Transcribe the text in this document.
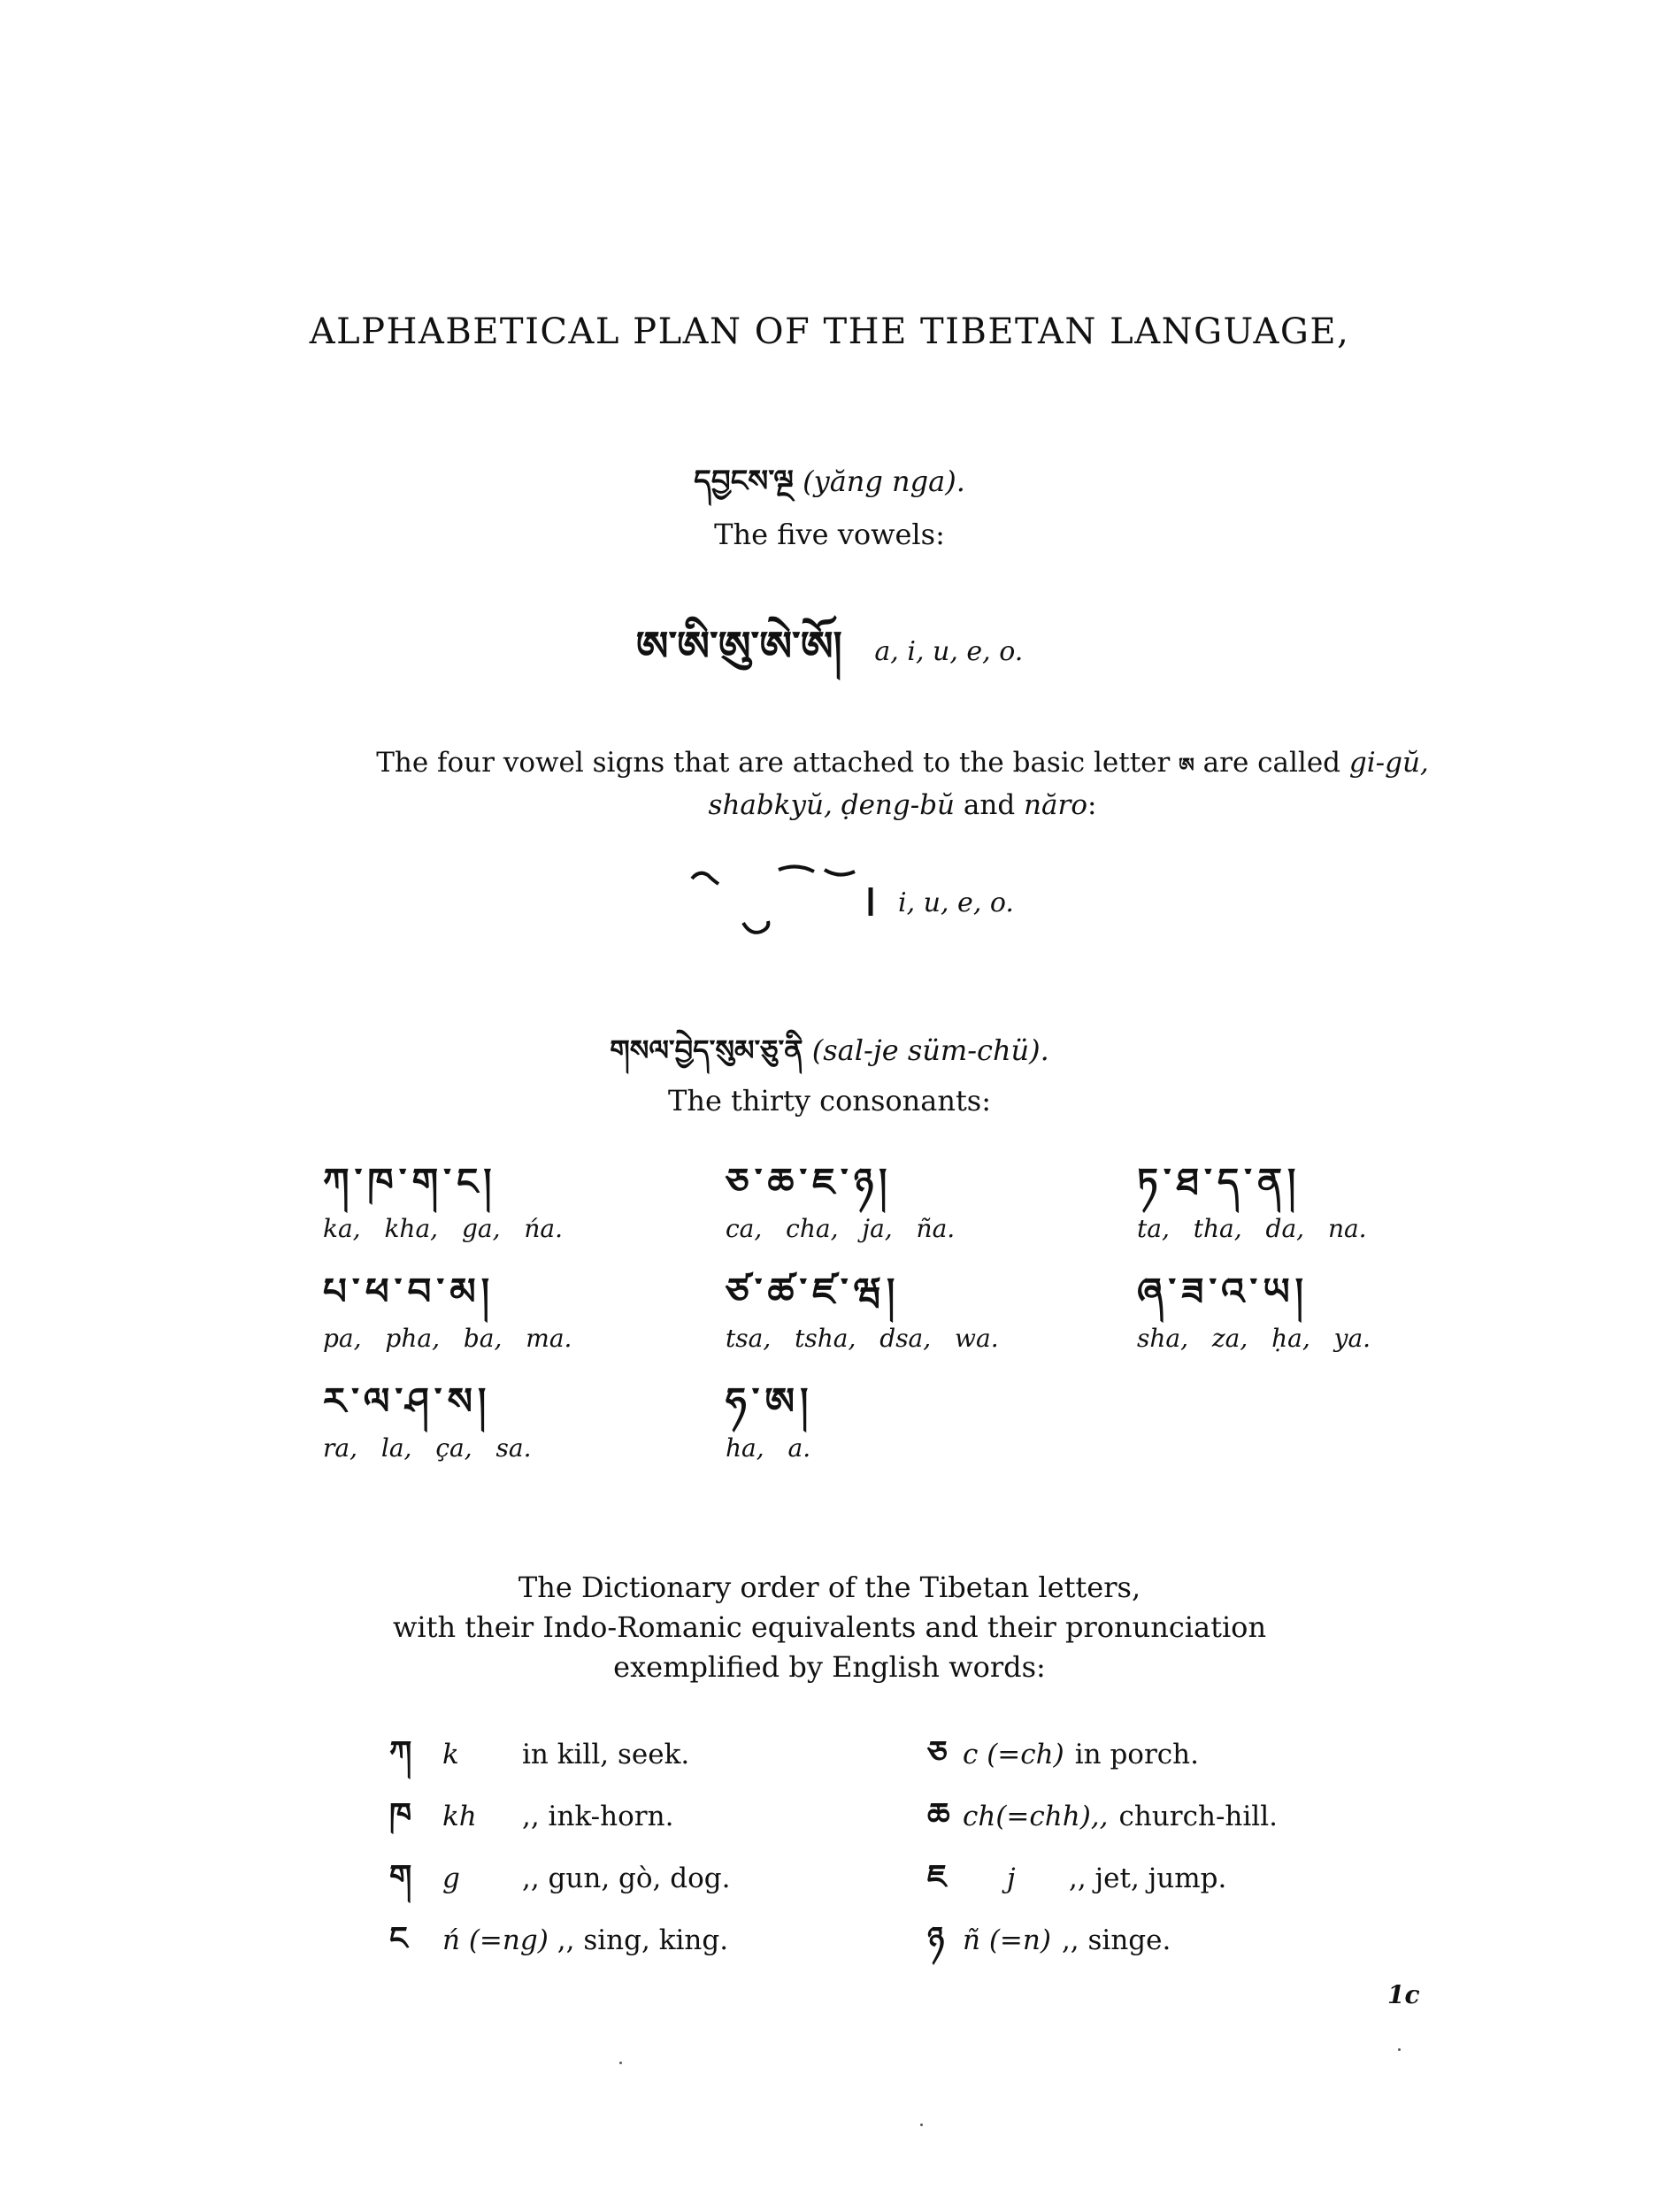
ALPHABETICAL PLAN OF THE TIBETAN LANGUAGE,
དབྱངས་ལྔ (yăng nga).
The five vowels:
ཨ་ཨི་ཨུ་ཨེ་ཨོ། a, i, u, e, o.
The four vowel signs that are attached to the basic letter ཨ are called gi-gŭ,
shabkyŭ, ḍeng-bŭ and năro:
i, u, e, o.
གསལ་བྱེད་སུམ་ཅུ་ནི (sal-je süm-chü).
The thirty consonants:
ཀ་ཁ་ག་ང།
ka, kha, ga, ńa.
ཅ་ཆ་ཇ་ཉ།
ca, cha, ja, ña.
ཏ་ཐ་ད་ན།
ta, tha, da, na.
པ་ཕ་བ་མ།
pa, pha, ba, ma.
ཙ་ཚ་ཛ་ཝ།
tsa, tsha, dsa, wa.
ཞ་ཟ་འ་ཡ།
sha, za, ḥa, ya.
ར་ལ་ཤ་ས།
ra, la, ça, sa.
ཧ་ཨ།
ha, a.
The Dictionary order of the Tibetan letters,
with their Indo-Romanic equivalents and their pronunciation
exemplified by English words:
ཀ k in kill, seek.
ཁ kh ,, ink-horn.
ག g ,, gun, gò, dog.
ང ń (=ng) ,, sing, king.
ཅ c (=ch) in porch.
ཆ ch(=chh),, church-hill.
ཇ j ,, jet, jump.
ཉ ñ (=n) ,, singe.
1c
